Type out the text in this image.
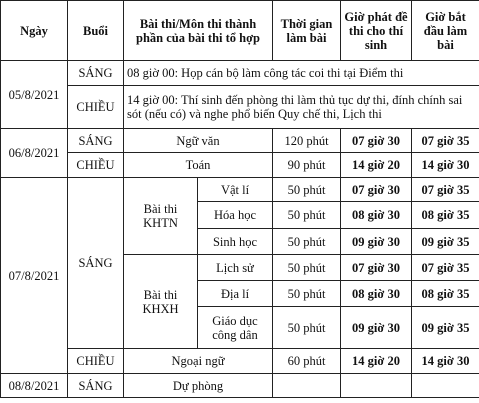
Ngày	Buổi	Bài thi/Môn thi thành phần của bài thi tổ hợp		Thời gian làm bài	Giờ phát đề thi cho thí sinh	Giờ bắt đầu làm bài
05/8/2021	SÁNG	08 giờ 00: Họp cán bộ làm công tác coi thi tại Điểm thi				
	CHIỀU	14 giờ 00: Thí sinh đến phòng thi làm thủ tục dự thi, đính chính sai sót (nếu có) và nghe phổ biến Quy chế thi, Lịch thi				
06/8/2021	SÁNG	Ngữ văn		120 phút	07 giờ 30	07 giờ 35
	CHIỀU	Toán		90 phút	14 giờ 20	14 giờ 30
07/8/2021	SÁNG	Bài thi KHTN	Vật lí	50 phút	07 giờ 30	07 giờ 35
			Hóa học	50 phút	08 giờ 30	08 giờ 35
			Sinh học	50 phút	09 giờ 30	09 giờ 35
		Bài thi KHXH	Lịch sử	50 phút	07 giờ 30	07 giờ 35
			Địa lí	50 phút	08 giờ 30	08 giờ 35
			Giáo dục công dân	50 phút	09 giờ 30	09 giờ 35
	CHIỀU	Ngoại ngữ		60 phút	14 giờ 20	14 giờ 30
08/8/2021	SÁNG	Dự phòng				
